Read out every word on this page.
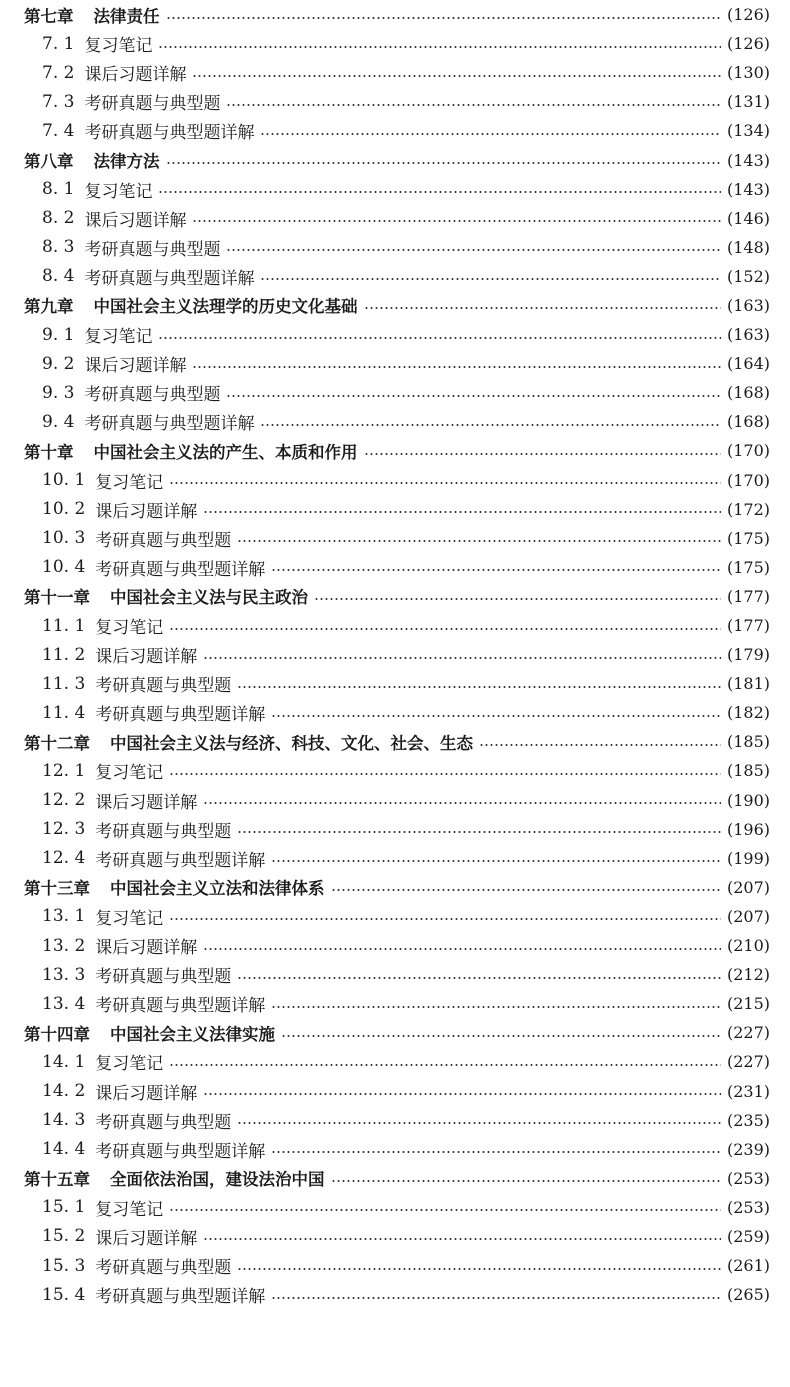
第七章 法律责任	(126)
7. 1 复习笔记	(126)
7. 2 课后习题详解	(130)
7. 3 考研真题与典型题	(131)
7. 4 考研真题与典型题详解	(134)
第八章 法律方法	(143)
8. 1 复习笔记	(143)
8. 2 课后习题详解	(146)
8. 3 考研真题与典型题	(148)
8. 4 考研真题与典型题详解	(152)
第九章 中国社会主义法理学的历史文化基础	(163)
9. 1 复习笔记	(163)
9. 2 课后习题详解	(164)
9. 3 考研真题与典型题	(168)
9. 4 考研真题与典型题详解	(168)
第十章 中国社会主义法的产生、本质和作用	(170)
10. 1 复习笔记	(170)
10. 2 课后习题详解	(172)
10. 3 考研真题与典型题	(175)
10. 4 考研真题与典型题详解	(175)
第十一章 中国社会主义法与民主政治	(177)
11. 1 复习笔记	(177)
11. 2 课后习题详解	(179)
11. 3 考研真题与典型题	(181)
11. 4 考研真题与典型题详解	(182)
第十二章 中国社会主义法与经济、科技、文化、社会、生态	(185)
12. 1 复习笔记	(185)
12. 2 课后习题详解	(190)
12. 3 考研真题与典型题	(196)
12. 4 考研真题与典型题详解	(199)
第十三章 中国社会主义立法和法律体系	(207)
13. 1 复习笔记	(207)
13. 2 课后习题详解	(210)
13. 3 考研真题与典型题	(212)
13. 4 考研真题与典型题详解	(215)
第十四章 中国社会主义法律实施	(227)
14. 1 复习笔记	(227)
14. 2 课后习题详解	(231)
14. 3 考研真题与典型题	(235)
14. 4 考研真题与典型题详解	(239)
第十五章 全面依法治国，建设法治中国	(253)
15. 1 复习笔记	(253)
15. 2 课后习题详解	(259)
15. 3 考研真题与典型题	(261)
15. 4 考研真题与典型题详解	(265)
